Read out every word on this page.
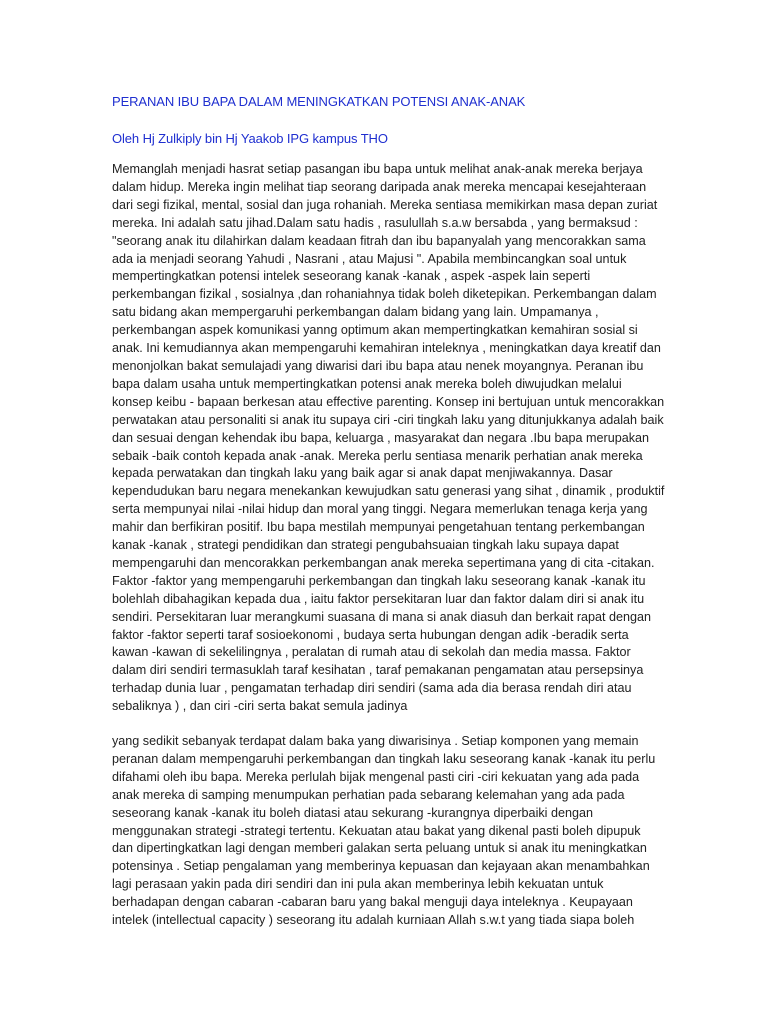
PERANAN IBU BAPA DALAM MENINGKATKAN POTENSI ANAK-ANAK
Oleh Hj Zulkiply bin Hj Yaakob IPG kampus THO

Memanglah menjadi hasrat setiap pasangan ibu bapa untuk melihat anak-anak mereka berjaya
dalam hidup. Mereka ingin melihat tiap seorang daripada anak mereka mencapai kesejahteraan
dari segi fizikal, mental, sosial dan juga rohaniah. Mereka sentiasa memikirkan masa depan zuriat
mereka. Ini adalah satu jihad.Dalam satu hadis , rasulullah s.a.w bersabda , yang bermaksud :
"seorang anak itu dilahirkan dalam keadaan fitrah dan ibu bapanyalah yang mencorakkan sama
ada ia menjadi seorang Yahudi , Nasrani , atau Majusi ". Apabila membincangkan soal untuk
mempertingkatkan potensi intelek seseorang kanak -kanak , aspek -aspek lain seperti
perkembangan fizikal , sosialnya ,dan rohaniahnya tidak boleh diketepikan. Perkembangan dalam
satu bidang akan mempergaruhi perkembangan dalam bidang yang lain. Umpamanya ,
perkembangan aspek komunikasi yanng optimum akan mempertingkatkan kemahiran sosial si
anak. Ini kemudiannya akan mempengaruhi kemahiran inteleknya , meningkatkan daya kreatif dan
menonjolkan bakat semulajadi yang diwarisi dari ibu bapa atau nenek moyangnya. Peranan ibu
bapa dalam usaha untuk mempertingkatkan potensi anak mereka boleh diwujudkan melalui
konsep keibu - bapaan berkesan atau effective parenting. Konsep ini bertujuan untuk mencorakkan
perwatakan atau personaliti si anak itu supaya ciri -ciri tingkah laku yang ditunjukkanya adalah baik
dan sesuai dengan kehendak ibu bapa, keluarga , masyarakat dan negara .Ibu bapa merupakan
sebaik -baik contoh kepada anak -anak. Mereka perlu sentiasa menarik perhatian anak mereka
kepada perwatakan dan tingkah laku yang baik agar si anak dapat menjiwakannya. Dasar
kependudukan baru negara menekankan kewujudkan satu generasi yang sihat , dinamik , produktif
serta mempunyai nilai -nilai hidup dan moral yang tinggi. Negara memerlukan tenaga kerja yang
mahir dan berfikiran positif. Ibu bapa mestilah mempunyai pengetahuan tentang perkembangan
kanak -kanak , strategi pendidikan dan strategi pengubahsuaian tingkah laku supaya dapat
mempengaruhi dan mencorakkan perkembangan anak mereka sepertimana yang di cita -citakan.
Faktor -faktor yang mempengaruhi perkembangan dan tingkah laku seseorang kanak -kanak itu
bolehlah dibahagikan kepada dua , iaitu faktor persekitaran luar dan faktor dalam diri si anak itu
sendiri. Persekitaran luar merangkumi suasana di mana si anak diasuh dan berkait rapat dengan
faktor -faktor seperti taraf sosioekonomi , budaya serta hubungan dengan adik -beradik serta
kawan -kawan di sekelilingnya , peralatan di rumah atau di sekolah dan media massa. Faktor
dalam diri sendiri termasuklah taraf kesihatan , taraf pemakanan pengamatan atau persepsinya
terhadap dunia luar , pengamatan terhadap diri sendiri (sama ada dia berasa rendah diri atau
sebaliknya ) , dan ciri -ciri serta bakat semula jadinya

yang sedikit sebanyak terdapat dalam baka yang diwarisinya . Setiap komponen yang memain
peranan dalam mempengaruhi perkembangan dan tingkah laku seseorang kanak -kanak itu perlu
difahami oleh ibu bapa. Mereka perlulah bijak mengenal pasti ciri -ciri kekuatan yang ada pada
anak mereka di samping menumpukan perhatian pada sebarang kelemahan yang ada pada
seseorang kanak -kanak itu boleh diatasi atau sekurang -kurangnya diperbaiki dengan
menggunakan strategi -strategi tertentu. Kekuatan atau bakat yang dikenal pasti boleh dipupuk
dan dipertingkatkan lagi dengan memberi galakan serta peluang untuk si anak itu meningkatkan
potensinya . Setiap pengalaman yang memberinya kepuasan dan kejayaan akan menambahkan
lagi perasaan yakin pada diri sendiri dan ini pula akan memberinya lebih kekuatan untuk
berhadapan dengan cabaran -cabaran baru yang bakal menguji daya inteleknya . Keupayaan
intelek (intellectual capacity ) seseorang itu adalah kurniaan Allah s.w.t yang tiada siapa boleh
